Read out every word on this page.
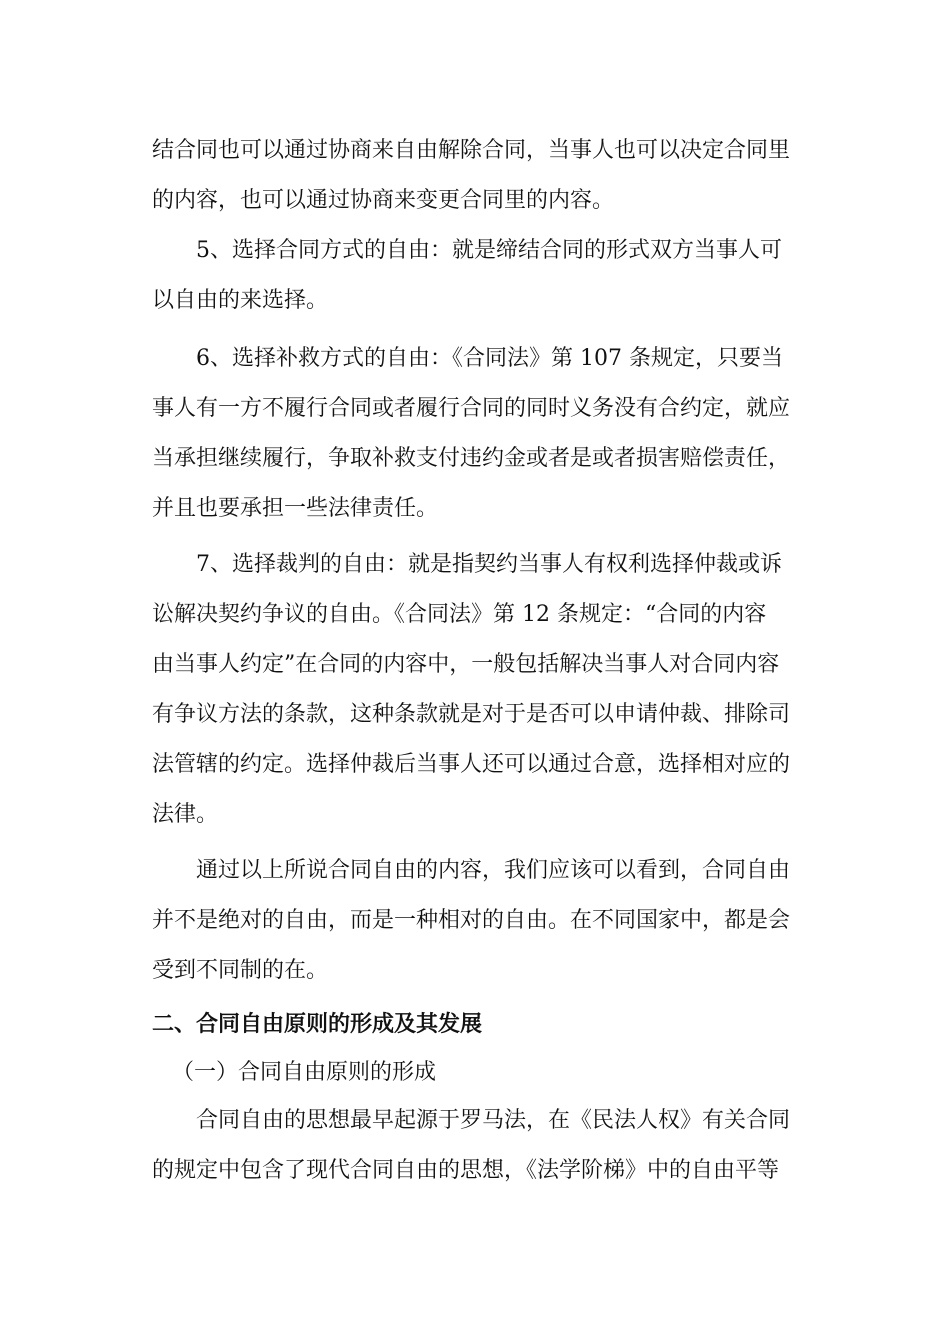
结合同也可以通过协商来自由解除合同，当事人也可以决定合同里
的内容，也可以通过协商来变更合同里的内容。
5、选择合同方式的自由：就是缔结合同的形式双方当事人可
以自由的来选择。
6、选择补救方式的自由：《合同法》第 107 条规定，只要当
事人有一方不履行合同或者履行合同的同时义务没有合约定，就应
当承担继续履行，争取补救支付违约金或者是或者损害赔偿责任，
并且也要承担一些法律责任。
7、选择裁判的自由：就是指契约当事人有权利选择仲裁或诉
讼解决契约争议的自由。《合同法》第 12 条规定：“合同的内容
由当事人约定”在合同的内容中，一般包括解决当事人对合同内容
有争议方法的条款，这种条款就是对于是否可以申请仲裁、排除司
法管辖的约定。选择仲裁后当事人还可以通过合意，选择相对应的
法律。
通过以上所说合同自由的内容，我们应该可以看到，合同自由
并不是绝对的自由，而是一种相对的自由。在不同国家中，都是会
受到不同制的在。
二、合同自由原则的形成及其发展
（一）合同自由原则的形成
合同自由的思想最早起源于罗马法，在《民法人权》有关合同
的规定中包含了现代合同自由的思想，《法学阶梯》中的自由平等
